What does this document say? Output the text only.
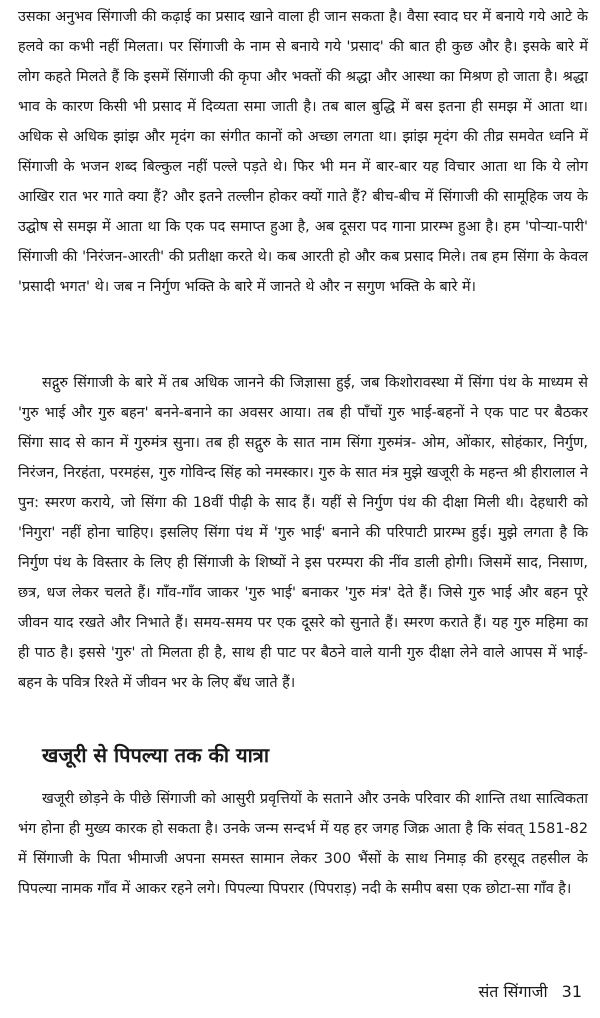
उसका अनुभव सिंगाजी की कढ़ाई का प्रसाद खाने वाला ही जान सकता है। वैसा स्वाद घर में बनाये गये आटे के हलवे का कभी नहीं मिलता। पर सिंगाजी के नाम से बनाये गये 'प्रसाद' की बात ही कुछ और है। इसके बारे में लोग कहते मिलते हैं कि इसमें सिंगाजी की कृपा और भक्तों की श्रद्धा और आस्था का मिश्रण हो जाता है। श्रद्धा भाव के कारण किसी भी प्रसाद में दिव्यता समा जाती है। तब बाल बुद्धि में बस इतना ही समझ में आता था। अधिक से अधिक झांझ और मृदंग का संगीत कानों को अच्छा लगता था। झांझ मृदंग की तीव्र समवेत ध्वनि में सिंगाजी के भजन शब्द बिल्कुल नहीं पल्ले पड़ते थे। फिर भी मन में बार-बार यह विचार आता था कि ये लोग आखिर रात भर गाते क्या हैं? और इतने तल्लीन होकर क्यों गाते हैं? बीच-बीच में सिंगाजी की सामूहिक जय के उद्घोष से समझ में आता था कि एक पद समाप्त हुआ है, अब दूसरा पद गाना प्रारम्भ हुआ है। हम 'पोर्‍या-पारी' सिंगाजी की 'निरंजन-आरती' की प्रतीक्षा करते थे। कब आरती हो और कब प्रसाद मिले। तब हम सिंगा के केवल 'प्रसादी भगत' थे। जब न निर्गुण भक्ति के बारे में जानते थे और न सगुण भक्ति के बारे में।

सद्गुरु सिंगाजी के बारे में तब अधिक जानने की जिज्ञासा हुई, जब किशोरावस्था में सिंगा पंथ के माध्यम से 'गुरु भाई और गुरु बहन' बनने-बनाने का अवसर आया। तब ही पाँचों गुरु भाई-बहनों ने एक पाट पर बैठकर सिंगा साद से कान में गुरुमंत्र सुना। तब ही सद्गुरु के सात नाम सिंगा गुरुमंत्र- ओम, ओंकार, सोहंकार, निर्गुण, निरंजन, निरहंता, परमहंस, गुरु गोविन्द सिंह को नमस्कार। गुरु के सात मंत्र मुझे खजूरी के महन्त श्री हीरालाल ने पुन: स्मरण कराये, जो सिंगा की 18वीं पीढ़ी के साद हैं। यहीं से निर्गुण पंथ की दीक्षा मिली थी। देहधारी को 'निगुरा' नहीं होना चाहिए। इसलिए सिंगा पंथ में 'गुरु भाई' बनाने की परिपाटी प्रारम्भ हुई। मुझे लगता है कि निर्गुण पंथ के विस्तार के लिए ही सिंगाजी के शिष्यों ने इस परम्परा की नींव डाली होगी। जिसमें साद, निसाण, छत्र, धज लेकर चलते हैं। गाँव-गाँव जाकर 'गुरु भाई' बनाकर 'गुरु मंत्र' देते हैं। जिसे गुरु भाई और बहन पूरे जीवन याद रखते और निभाते हैं। समय-समय पर एक दूसरे को सुनाते हैं। स्मरण कराते हैं। यह गुरु महिमा का ही पाठ है। इससे 'गुरु' तो मिलता ही है, साथ ही पाट पर बैठने वाले यानी गुरु दीक्षा लेने वाले आपस में भाई-बहन के पवित्र रिश्ते में जीवन भर के लिए बँध जाते हैं।

खजूरी से पिपल्या तक की यात्रा

खजूरी छोड़ने के पीछे सिंगाजी को आसुरी प्रवृत्तियों के सताने और उनके परिवार की शान्ति तथा सात्विकता भंग होना ही मुख्य कारक हो सकता है। उनके जन्म सन्दर्भ में यह हर जगह जिक्र आता है कि संवत् 1581-82 में सिंगाजी के पिता भीमाजी अपना समस्त सामान लेकर 300 भैंसों के साथ निमाड़ की हरसूद तहसील के पिपल्या नामक गाँव में आकर रहने लगे। पिपल्या पिपरार (पिपराड़) नदी के समीप बसा एक छोटा-सा गाँव है।

संत सिंगाजी 31
